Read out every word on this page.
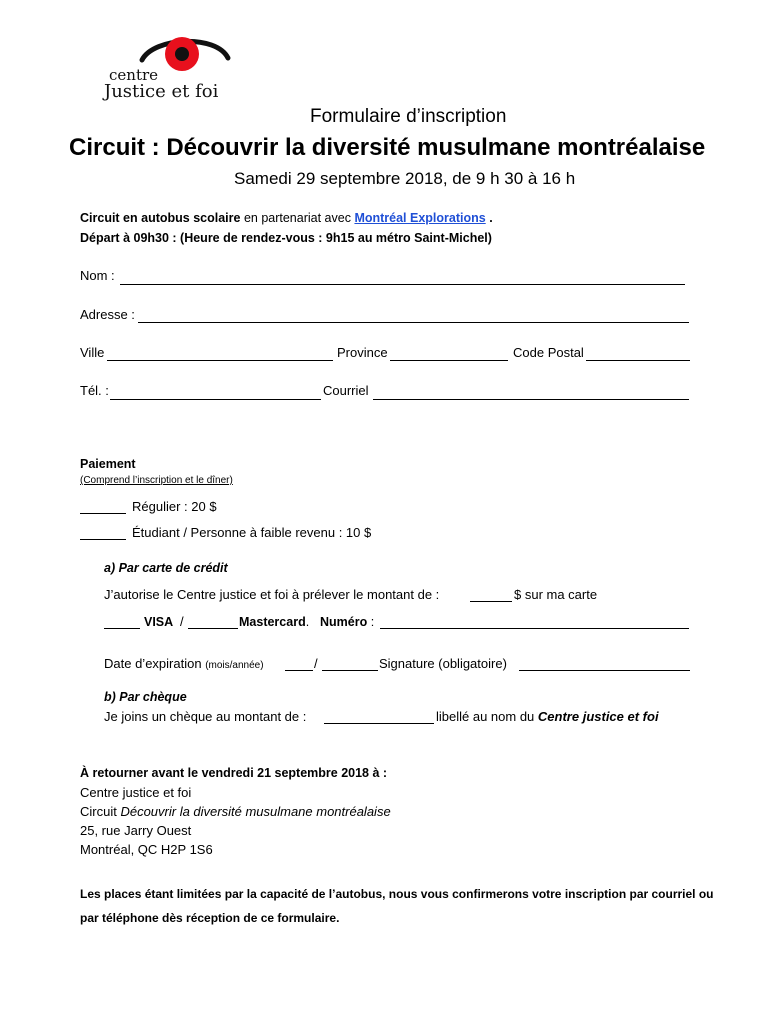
centre
Justice et foi
Formulaire d’inscription
Circuit : Découvrir la diversité musulmane montréalaise
Samedi 29 septembre 2018, de 9 h 30 à 16 h
Circuit en autobus scolaire en partenariat avec Montréal Explorations .
Départ à 09h30 : (Heure de rendez-vous : 9h15 au métro Saint-Michel)
Nom :
Adresse :
Ville	Province	Code Postal
Tél. :	Courriel
Paiement
(Comprend l’inscription et le dîner)
Régulier : 20 $
Étudiant / Personne à faible revenu : 10 $
a) Par carte de crédit
J’autorise le Centre justice et foi à prélever le montant de :	$ sur ma carte
VISA /	Mastercard. Numéro :
Date d’expiration (mois/année)	/	Signature (obligatoire)
b) Par chèque
Je joins un chèque au montant de :	libellé au nom du Centre justice et foi
À retourner avant le vendredi 21 septembre 2018 à :
Centre justice et foi
Circuit Découvrir la diversité musulmane montréalaise
25, rue Jarry Ouest
Montréal, QC H2P 1S6
Les places étant limitées par la capacité de l’autobus, nous vous confirmerons votre inscription par courriel ou
par téléphone dès réception de ce formulaire.
